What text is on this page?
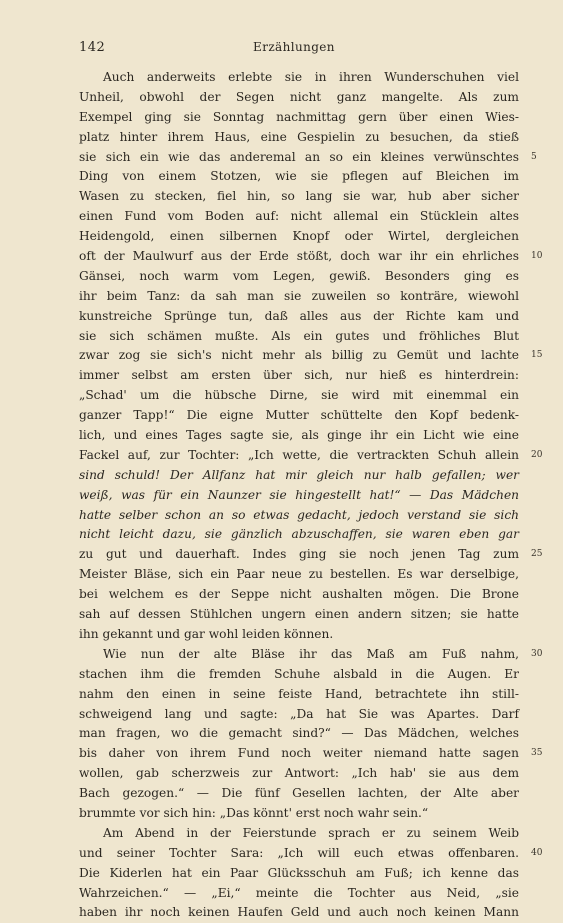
142	Erzählungen
Auch anderweits erlebte sie in ihren Wunderschuhen viel
Unheil, obwohl der Segen nicht ganz mangelte. Als zum
Exempel ging sie Sonntag nachmittag gern über einen Wies-
platz hinter ihrem Haus, eine Gespielin zu besuchen, da stieß
sie sich ein wie das anderemal an so ein kleines verwünschtes 5
Ding von einem Stotzen, wie sie pflegen auf Bleichen im
Wasen zu stecken, fiel hin, so lang sie war, hub aber sicher
einen Fund vom Boden auf: nicht allemal ein Stücklein altes
Heidengold, einen silbernen Knopf oder Wirtel, dergleichen
oft der Maulwurf aus der Erde stößt, doch war ihr ein ehrliches 10
Gänsei, noch warm vom Legen, gewiß. Besonders ging es
ihr beim Tanz: da sah man sie zuweilen so konträre, wiewohl
kunstreiche Sprünge tun, daß alles aus der Richte kam und
sie sich schämen mußte. Als ein gutes und fröhliches Blut
zwar zog sie sich's nicht mehr als billig zu Gemüt und lachte 15
immer selbst am ersten über sich, nur hieß es hinterdrein:
„Schad' um die hübsche Dirne, sie wird mit einemmal ein
ganzer Tapp!“ Die eigne Mutter schüttelte den Kopf bedenk-
lich, und eines Tages sagte sie, als ginge ihr ein Licht wie eine
Fackel auf, zur Tochter: „Ich wette, die vertrackten Schuh allein 20
sind schuld! Der Allfanz hat mir gleich nur halb gefallen; wer
weiß, was für ein Naunzer sie hingestellt hat!“ — Das Mädchen
hatte selber schon an so etwas gedacht, jedoch verstand sie sich
nicht leicht dazu, sie gänzlich abzuschaffen, sie waren eben gar
zu gut und dauerhaft. Indes ging sie noch jenen Tag zum 25
Meister Bläse, sich ein Paar neue zu bestellen. Es war derselbige,
bei welchem es der Seppe nicht aushalten mögen. Die Brone
sah auf dessen Stühlchen ungern einen andern sitzen; sie hatte
ihn gekannt und gar wohl leiden können.
Wie nun der alte Bläse ihr das Maß am Fuß nahm, 30
stachen ihm die fremden Schuhe alsbald in die Augen. Er
nahm den einen in seine feiste Hand, betrachtete ihn still-
schweigend lang und sagte: „Da hat Sie was Apartes. Darf
man fragen, wo die gemacht sind?“ — Das Mädchen, welches
bis daher von ihrem Fund noch weiter niemand hatte sagen 35
wollen, gab scherzweis zur Antwort: „Ich hab' sie aus dem
Bach gezogen.“ — Die fünf Gesellen lachten, der Alte aber
brummte vor sich hin: „Das könnt' erst noch wahr sein.“
Am Abend in der Feierstunde sprach er zu seinem Weib
und seiner Tochter Sara: „Ich will euch etwas offenbaren. 40
Die Kiderlen hat ein Paar Glücksschuh am Fuß; ich kenne das
Wahrzeichen.“ — „Ei,“ meinte die Tochter aus Neid, „sie
haben ihr noch keinen Haufen Geld und auch noch keinen Mann
